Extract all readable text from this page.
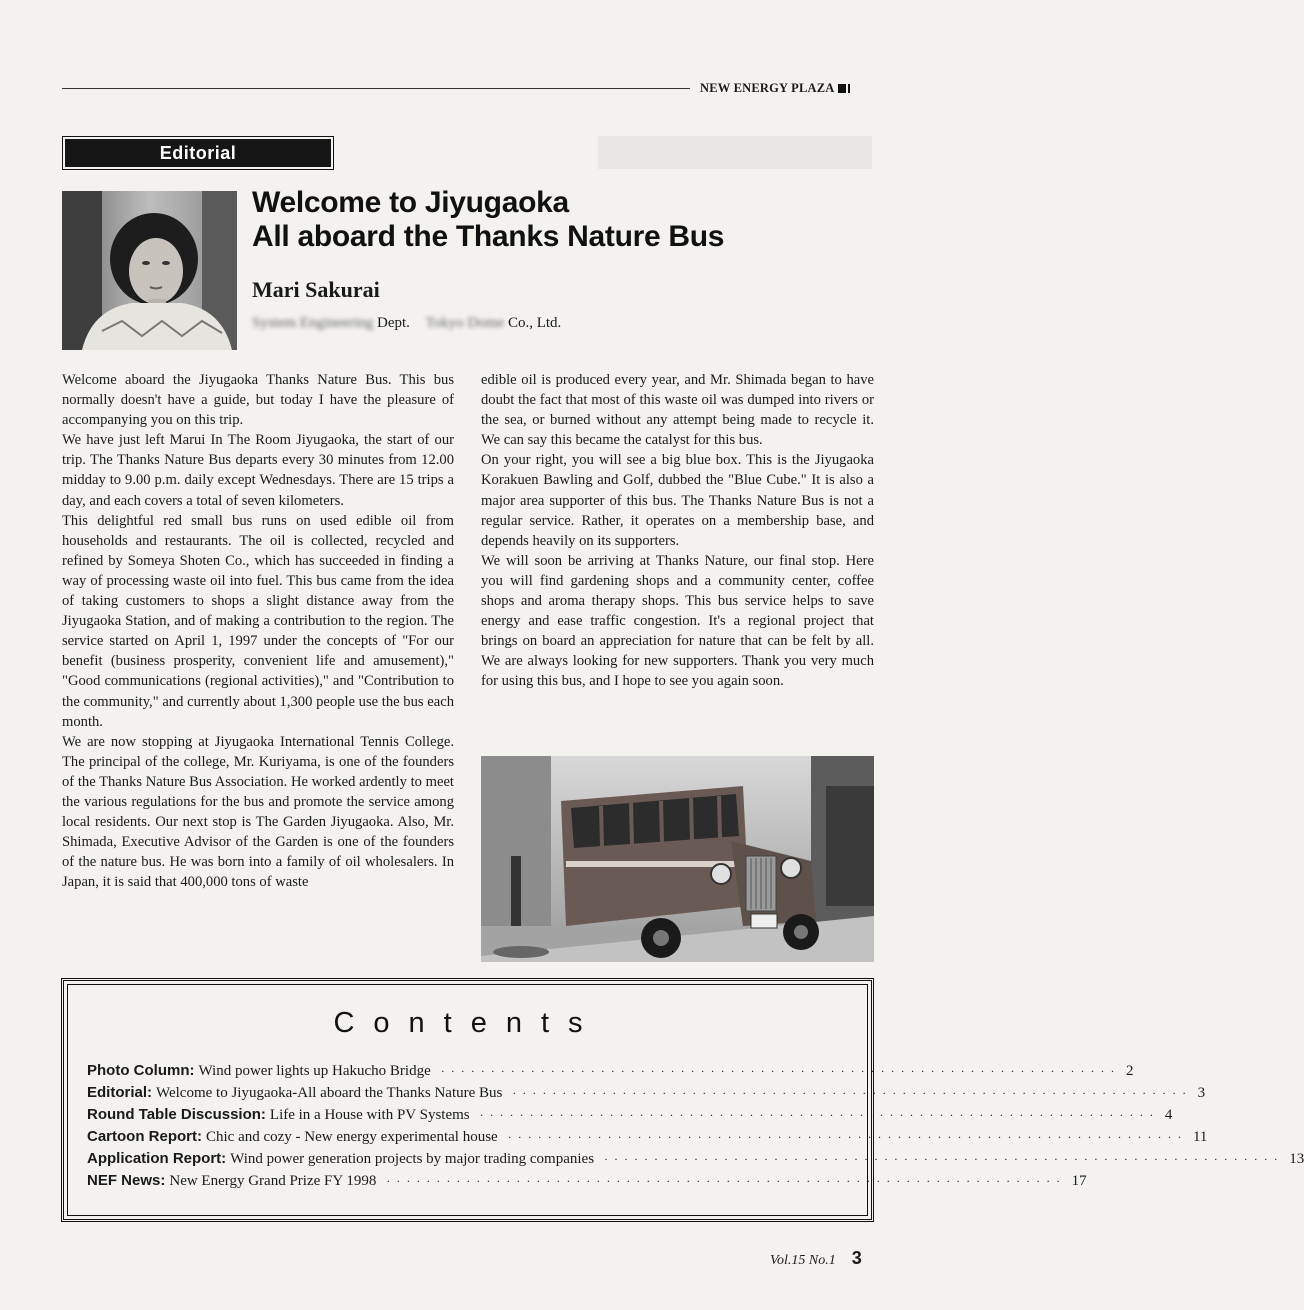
NEW ENERGY PLAZA
Editorial
Welcome to Jiyugaoka
All aboard the Thanks Nature Bus
Mari Sakurai
System Engineering Dept. Tokyo Dome Co., Ltd.

Welcome aboard the Jiyugaoka Thanks Nature Bus. This bus normally doesn't have a guide, but today I have the pleasure of accompanying you on this trip.

We have just left Marui In The Room Jiyugaoka, the start of our trip. The Thanks Nature Bus departs every 30 minutes from 12.00 midday to 9.00 p.m. daily except Wednesdays. There are 15 trips a day, and each covers a total of seven kilometers.

This delightful red small bus runs on used edible oil from households and restaurants. The oil is collected, recycled and refined by Someya Shoten Co., which has succeeded in finding a way of processing waste oil into fuel. This bus came from the idea of taking customers to shops a slight distance away from the Jiyugaoka Station, and of making a contribution to the region. The service started on April 1, 1997 under the concepts of "For our benefit (business prosperity, convenient life and amusement)," "Good communications (regional activities)," and "Contribution to the community," and currently about 1,300 people use the bus each month.

We are now stopping at Jiyugaoka International Tennis College. The principal of the college, Mr. Kuriyama, is one of the founders of the Thanks Nature Bus Association. He worked ardently to meet the various regulations for the bus and promote the service among local residents. Our next stop is The Garden Jiyugaoka. Also, Mr. Shimada, Executive Advisor of the Garden is one of the founders of the nature bus. He was born into a family of oil wholesalers. In Japan, it is said that 400,000 tons of waste

edible oil is produced every year, and Mr. Shimada began to have doubt the fact that most of this waste oil was dumped into rivers or the sea, or burned without any attempt being made to recycle it. We can say this became the catalyst for this bus.

On your right, you will see a big blue box. This is the Jiyugaoka Korakuen Bawling and Golf, dubbed the "Blue Cube." It is also a major area supporter of this bus. The Thanks Nature Bus is not a regular service. Rather, it operates on a membership base, and depends heavily on its supporters.

We will soon be arriving at Thanks Nature, our final stop. Here you will find gardening shops and a community center, coffee shops and aroma therapy shops. This bus service helps to save energy and ease traffic congestion. It's a regional project that brings on board an appreciation for nature that can be felt by all. We are always looking for new supporters. Thank you very much for using this bus, and I hope to see you again soon.

Contents
Photo Column: Wind power lights up Hakucho Bridge · · · · · · · · · · · · · · · · · · · · · · · · · · · · · · · · · · · · · · · · · · · · · · · · · · · · · · · · · · · · · · · · · · · · 2
Editorial: Welcome to Jiyugaoka-All aboard the Thanks Nature Bus · · · · · · · · · · · · · · · · · · · · · · · · · · · · · · · · · · · · · · · · · · · · · · · · · · · · · · · · · · · · · · · · · · · · 3
Round Table Discussion: Life in a House with PV Systems · · · · · · · · · · · · · · · · · · · · · · · · · · · · · · · · · · · · · · · · · · · · · · · · · · · · · · · · · · · · · · · · · · · · 4
Cartoon Report: Chic and cozy - New energy experimental house · · · · · · · · · · · · · · · · · · · · · · · · · · · · · · · · · · · · · · · · · · · · · · · · · · · · · · · · · · · · · · · · · · · · 11
Application Report: Wind power generation projects by major trading companies · · · · · · · · · · · · · · · · · · · · · · · · · · · · · · · · · · · · · · · · · · · · · · · · · · · · · · · · · · · · · · · · · · · · 13
NEF News: New Energy Grand Prize FY 1998 · · · · · · · · · · · · · · · · · · · · · · · · · · · · · · · · · · · · · · · · · · · · · · · · · · · · · · · · · · · · · · · · · · · · 17
Vol.15 No.1 3
